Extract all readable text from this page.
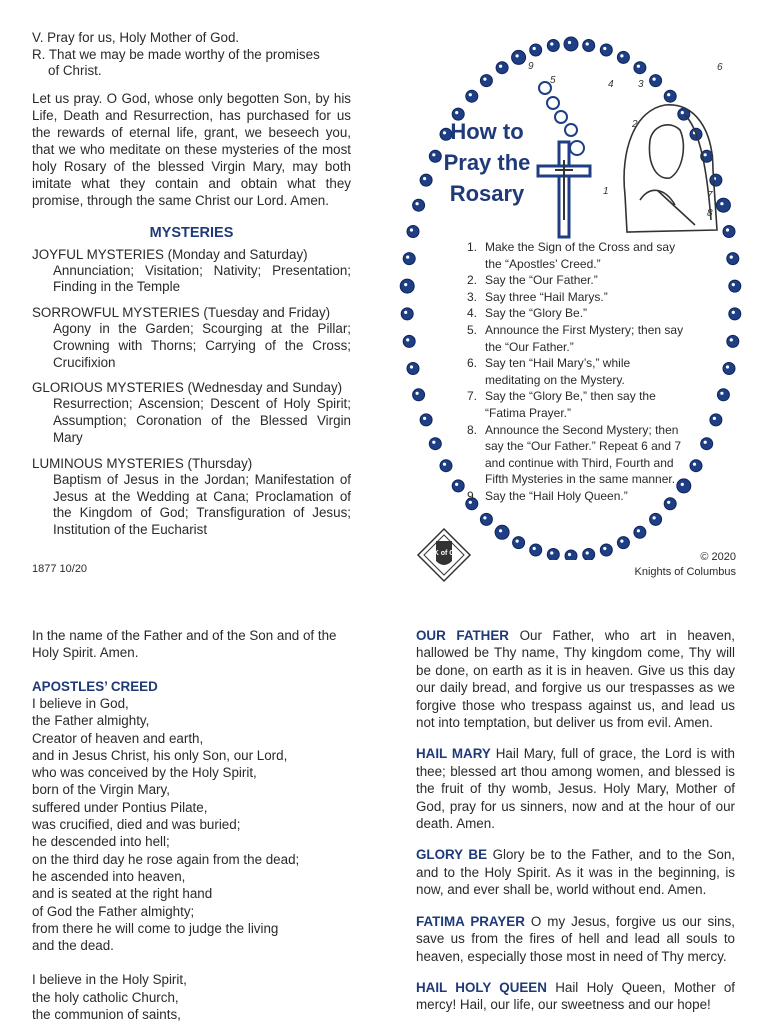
V. Pray for us, Holy Mother of God.

R. That we may be made worthy of the promises

of Christ.

Let us pray. O God, whose only begotten Son, by his Life, Death and Resurrection, has purchased for us the rewards of eternal life, grant, we beseech you, that we who meditate on these mysteries of the most holy Rosary of the blessed Virgin Mary, may both imitate what they contain and obtain what they promise, through the same Christ our Lord. Amen.

MYSTERIES

JOYFUL MYSTERIES (Monday and Saturday)

Annunciation; Visitation; Nativity; Presentation; Finding in the Temple

SORROWFUL MYSTERIES (Tuesday and Friday)

Agony in the Garden; Scourging at the Pillar; Crowning with Thorns; Carrying of the Cross; Crucifixion

GLORIOUS MYSTERIES (Wednesday and Sunday)

Resurrection; Ascension; Descent of Holy Spirit; Assumption; Coronation of the Blessed Virgin Mary

LUMINOUS MYSTERIES (Thursday)

Baptism of Jesus in the Jordan; Manifestation of Jesus at the Wedding at Cana; Proclamation of the Kingdom of God; Transfiguration of Jesus; Institution of the Eucharist

1877 10/20

9
5	4 3
2
1
6
7
8
How to
Pray the
Rosary
1. Make the Sign of the Cross and say the “Apostles’ Creed.”
2. Say the “Our Father.”
3. Say three “Hail Marys.”
4. Say the “Glory Be.”
5. Announce the First Mystery; then say the “Our Father.”
6. Say ten “Hail Mary’s,” while meditating on the Mystery.
7. Say the “Glory Be,” then say the “Fatima Prayer.”
8. Announce the Second Mystery; then say the “Our Father.” Repeat 6 and 7 and continue with Third, Fourth and Fifth Mysteries in the same manner.
9. Say the “Hail Holy Queen.”
K of C	© 2020
Knights of Columbus

In the name of the Father and of the Son and of the Holy Spirit. Amen.

APOSTLES’ CREED

I believe in God,
the Father almighty,
Creator of heaven and earth,
and in Jesus Christ, his only Son, our Lord,
who was conceived by the Holy Spirit,
born of the Virgin Mary,
suffered under Pontius Pilate,
was crucified, died and was buried;
he descended into hell;
on the third day he rose again from the dead;
he ascended into heaven,
and is seated at the right hand
of God the Father almighty;
from there he will come to judge the living
and the dead.
I believe in the Holy Spirit,
the holy catholic Church,
the communion of saints,

OUR FATHER Our Father, who art in heaven, hallowed be Thy name, Thy kingdom come, Thy will be done, on earth as it is in heaven. Give us this day our daily bread, and forgive us our trespasses as we forgive those who trespass against us, and lead us not into temptation, but deliver us from evil. Amen.

HAIL MARY Hail Mary, full of grace, the Lord is with thee; blessed art thou among women, and blessed is the fruit of thy womb, Jesus. Holy Mary, Mother of God, pray for us sinners, now and at the hour of our death. Amen.

GLORY BE Glory be to the Father, and to the Son, and to the Holy Spirit. As it was in the beginning, is now, and ever shall be, world without end. Amen.

FATIMA PRAYER O my Jesus, forgive us our sins, save us from the fires of hell and lead all souls to heaven, especially those most in need of Thy mercy.

HAIL HOLY QUEEN Hail Holy Queen, Mother of mercy! Hail, our life, our sweetness and our hope!
